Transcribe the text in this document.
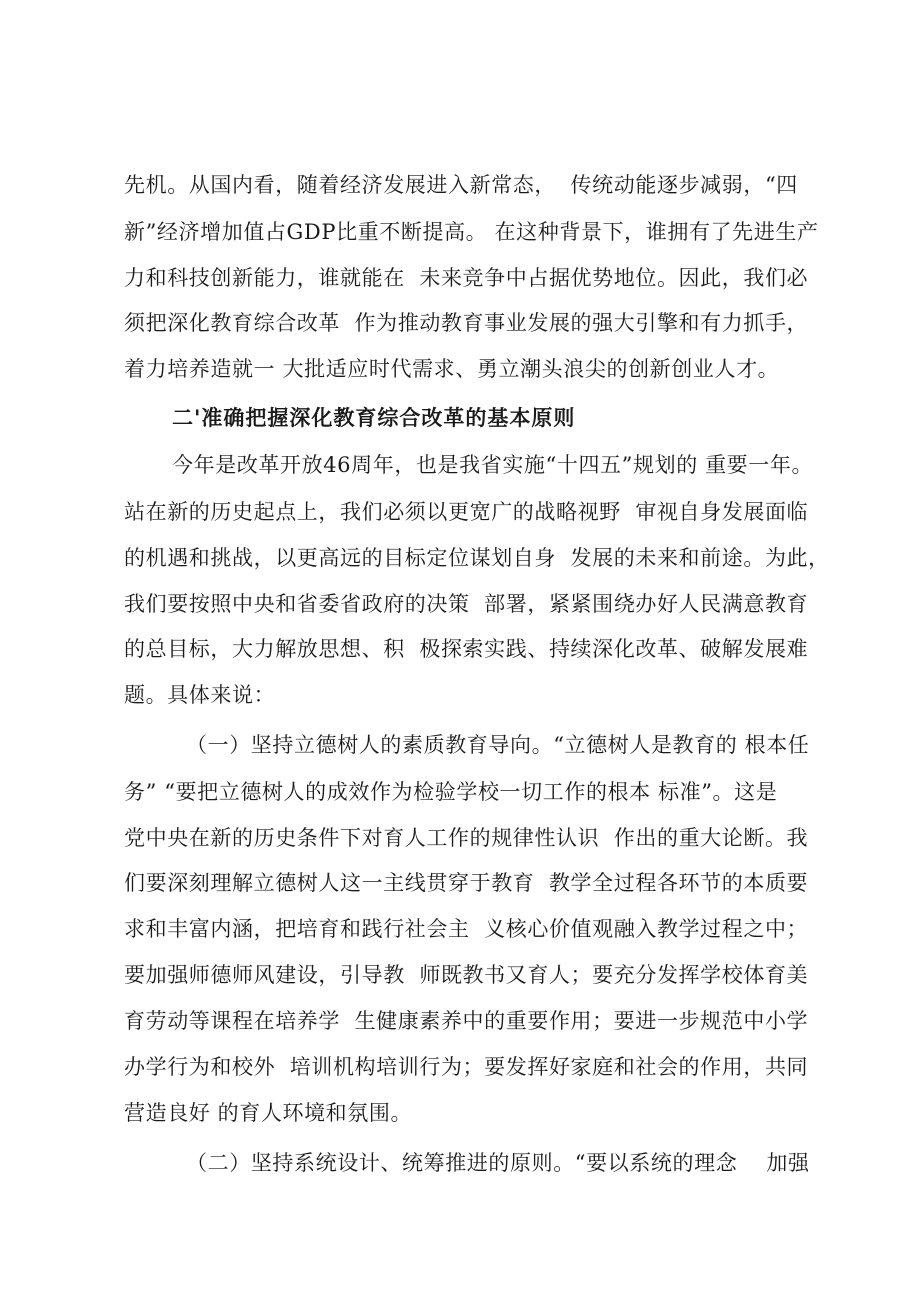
先机。从国内看，随着经济发展进入新常态，  传统动能逐步减弱，“四

新”经济增加值占GDP比重不断提高。 在这种背景下，谁拥有了先进生产

力和科技创新能力，谁就能在  未来竞争中占据优势地位。因此，我们必

须把深化教育综合改革  作为推动教育事业发展的强大引擎和有力抓手，

着力培养造就一 大批适应时代需求、勇立潮头浪尖的创新创业人才。

二'准确把握深化教育综合改革的基本原则

今年是改革开放46周年，也是我省实施“十四五”规划的 重要一年。

站在新的历史起点上，我们必须以更宽广的战略视野  审视自身发展面临

的机遇和挑战，以更高远的目标定位谋划自身  发展的未来和前途。为此，

我们要按照中央和省委省政府的决策  部署，紧紧围绕办好人民满意教育

的总目标，大力解放思想、积  极探索实践、持续深化改革、破解发展难

题。具体来说：

（一）坚持立德树人的素质教育导向。“立德树人是教育的 根本任

务” “要把立德树人的成效作为检验学校一切工作的根本 标准”。这是

党中央在新的历史条件下对育人工作的规律性认识  作出的重大论断。我

们要深刻理解立德树人这一主线贯穿于教育  教学全过程各环节的本质要

求和丰富内涵，把培育和践行社会主  义核心价值观融入教学过程之中；

要加强师德师风建设，引导教  师既教书又育人；要充分发挥学校体育美

育劳动等课程在培养学  生健康素养中的重要作用；要进一步规范中小学

办学行为和校外  培训机构培训行为；要发挥好家庭和社会的作用，共同

营造良好 的育人环境和氛围。

（二）坚持系统设计、统筹推进的原则。“要以系统的理念    加强
